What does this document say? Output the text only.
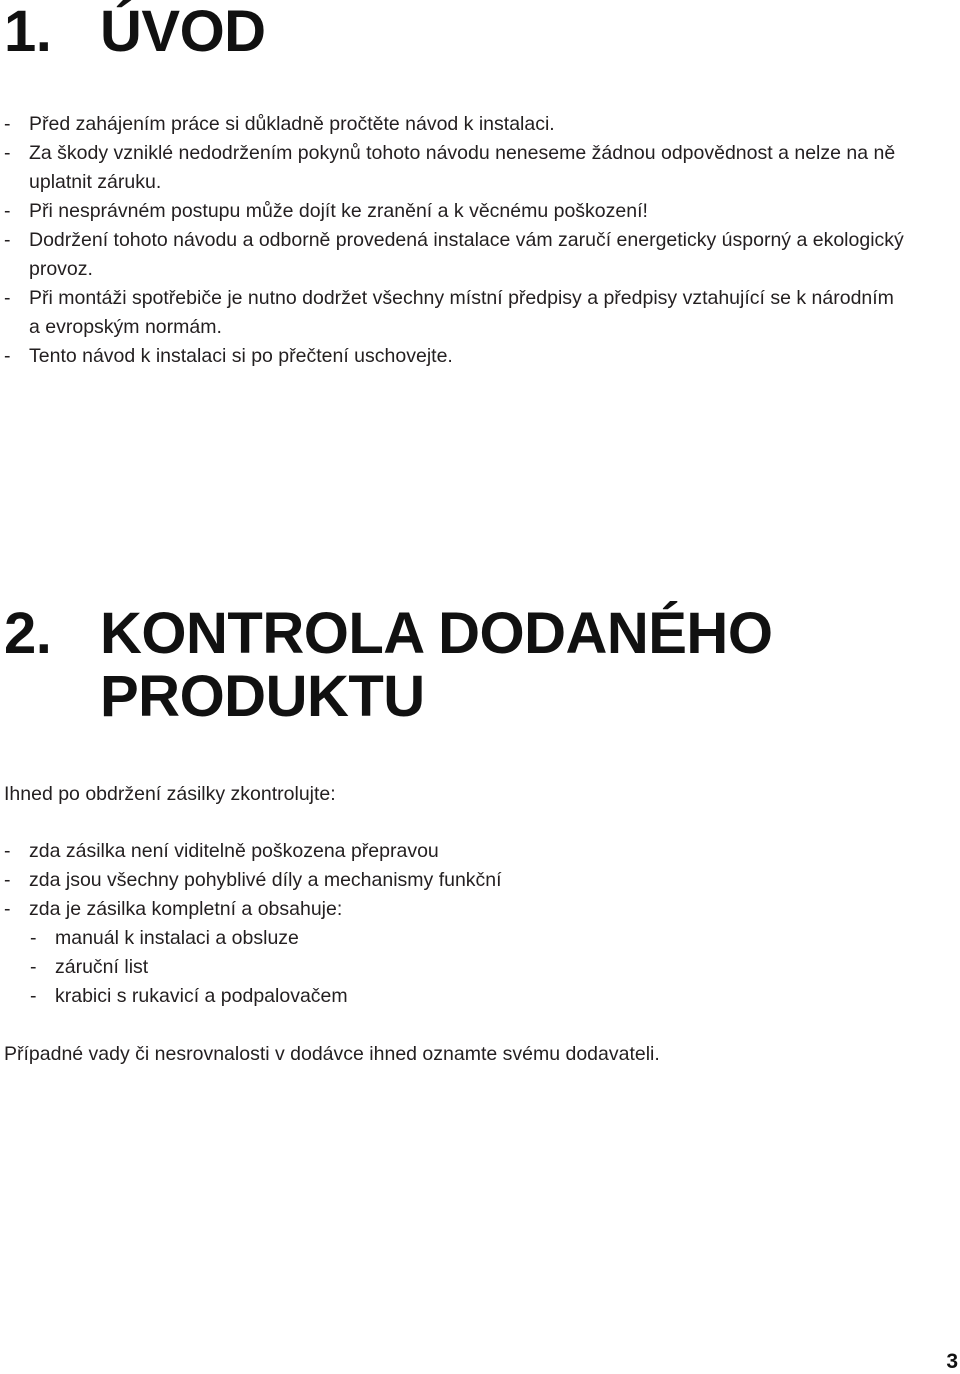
1. ÚVOD
- Před zahájením práce si důkladně pročtěte návod k instalaci.
- Za škody vzniklé nedodržením pokynů tohoto návodu neneseme žádnou odpovědnost a nelze na ně uplatnit záruku.
- Při nesprávném postupu může dojít ke zranění a k věcnému poškození!
- Dodržení tohoto návodu a odborně provedená instalace vám zaručí energeticky úsporný a ekologický provoz.
- Při montáži spotřebiče je nutno dodržet všechny místní předpisy a předpisy vztahující se k národním a evropským normám.
- Tento návod k instalaci si po přečtení uschovejte.
2. KONTROLA DODANÉHO
PRODUKTU

Ihned po obdržení zásilky zkontrolujte:

- zda zásilka není viditelně poškozena přepravou
- zda jsou všechny pohyblivé díly a mechanismy funkční
- zda je zásilka kompletní a obsahuje:
- manuál k instalaci a obsluze
- záruční list
- krabici s rukavicí a podpalovačem

Případné vady či nesrovnalosti v dodávce ihned oznamte svému dodavateli.

3
